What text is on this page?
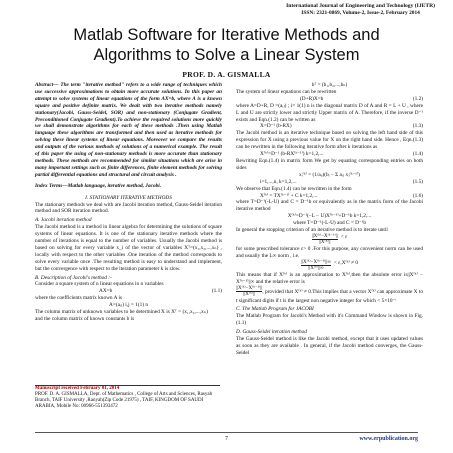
International Journal of Engineering and Technology (IJETR)
ISSN: 2321-0869, Volume-2, Issue-2, February 2014
Matlab Software for Iterative Methods and
Algorithms to Solve a Linear System
PROF. D. A. GISMALLA

Abstract— The term "iterative method" refers to a wide range of techniques which use successive approximations to obtain more accurate solutions. In this paper an attempt to solve systems of linear equations of the form AX=b, where A is a known square and positive definite matrix. We dealt with two iterative methods namely stationary(Jacobi, Gauss-Seidel, SOR) and non-stationary (Conjugate Gradient, Preconditioned Conjugate Gradient).To achieve the required solutions more quickly we shall demonstrate algorithms for each of these methods .Then using Matlab language these algorithms are transformed and then used as iterative methods for solving these linear systems of linear equations. Moreover we compare the results and outputs of the various methods of solutions of a numerical example. The result of this paper the using of non-stationary methods is more accurate than stationary methods. These methods are recommended for similar situations which are arise in many important settings such as finite differences, finite element methods for solving partial differential equations and structural and circuit analysis .

Index Terms—Matlab language, iterative method, Jacobi.

I. STATIONARY ITERATIVE METHODS

The stationary methods we deal with are Jacobi iteration method, Gauss-Seidel iteration method and SOR iteration method.

A. Jacobi iteration method

The Jacobi method is a method in linear algebra for determining the solutions of square systems of linear equations. It is one of the stationary iterative methods where the number of iterations is equal to the number of variables. Usually the Jacobi method is based on solving for every variable x_i of the vector of variables Xᵀ=(x₁,x₂,...,xₙ) , locally with respect to the other variables .One iteration of the method corresponds to solve every variable once .The resulting method is easy to understand and implement, but the convergence with respect to the iteration parameter k is slow.

B. Description of Jacobi's method :-

Consider a square system of n linear equations in n variables

AX=b	(1.1)

where the coefficients matrix known A is

A=(aᵢⱼ) i,j = 1(1) n

The column matrix of unknown variables to be determined X is Xᵀ = (x₁,x₂,...,xₙ)

and the column matrix of known constants b is

Manuscript received February 01, 2014
PROF. D. A. GISMALLA, Dept. of Mathematics , College of Arts and Sciences, Rasyah Branch, TAIF University ,Ranyah(Zip Code 21975) , TAIF, KINGDOM OF SAUDI ARABIA, Mobile No: 00966-551393472
bᵀ = (b₁,b₂,...,bₙ)

The system of linear equations can be rewritten

(D+R)X=b	(1.2)

where A=D+R, D =(aᵢⱼ) ; i= 1(1) n is the diagonal matrix D of A and R = L + U , where L and U are strictly lower and strictly Upper matrix of A. Therefore, if the inverse D⁻¹ exists and Eqn.(1.2) can be written as

X=D⁻¹ (b-RX)	(1.3)

The Jacobi method is an iterative technique based on solving the left hand side of this expression for X using a previous value for X on the right hand side. Hence , Eqn.(1.3) can be rewritten in the following iterative form after k iterations as

X⁽ᵏ⁾=D⁻¹ (b-RX⁽ᵏ⁻¹⁾) k=1,2,...	(1.4)

Rewriting Eqn.(1.4) in matrix form We get by equating corresponding entries on both sides

xᵢ⁽ᵏ⁾ = (1/aᵢᵢ)(bᵢ − Σ aᵢⱼ xⱼ⁽ᵏ⁻¹⁾)
i=1,...,n, k=1,2,...	(1.5)

We observe that Eqn.(1.4) can be rewritten in the form

X⁽ᵏ⁾ = TX⁽ᵏ⁻¹⁾ + C k=1,2,...	(1.6)

where T=D⁻¹(-L-U) and C = D⁻¹b or equivalently as in the matrix form of the Jacobi iterative method

X⁽ᵏ⁾=D⁻¹(−L − U)X⁽ᵏ⁻¹⁾+D⁻¹b k=1,2,...
where T=D⁻¹(-L-U) and C = D⁻¹b

In general the stopping criterion of an iterative method is to iterate until

$\frac{\text{||X⁽ᵏ⁾−X⁽ᵏ⁻¹⁾||}}{\text{||X⁽ᵏ⁾||}} < \varepsilon$

for some prescribed tolerance ε> 0 .For this purpose, any convenient norm can be used and usually the L∞ norm , i.e.

$\frac{\text{||X⁽ᵏ⁾−X⁽ᵏ⁻¹⁾||∞}}{\text{||X⁽ᵏ⁾||∞}}$ < ε,X⁽ᵏ⁾ ≠ 0

This means that if X⁽ᵏ⁾ is an approximation to X⁽ᵏ⁾,then the absolute error is||X⁽ᵏ⁾ − X⁽ᵏ⁻¹⁾||∞ and the relative error is

$\frac{\text{||X⁽ᵏ⁾−X⁽ᵏ⁻¹⁾||}}{\text{||X⁽ᵏ⁾||}}$ , provided that X⁽ᵏ⁾ ≠ 0.This implies that a vector X⁽ᵏ⁾ can approximate X to t significant digits if t is the largest non negative integer for which < 5×10⁻ᵗ

C. The Matlab Program for JACOBI

The Matlab Program for Jacobi's Method with it's Command Window is shown in Fig.(1.1)

D. Gauss-Seidel iteration method

The Gauss-Seidel method is like the Jacobi method, except that it uses updated values as soon as they are available . In general, if the Jacobi method converges, the Gauss-Seidel

7	www.erpublication.org
